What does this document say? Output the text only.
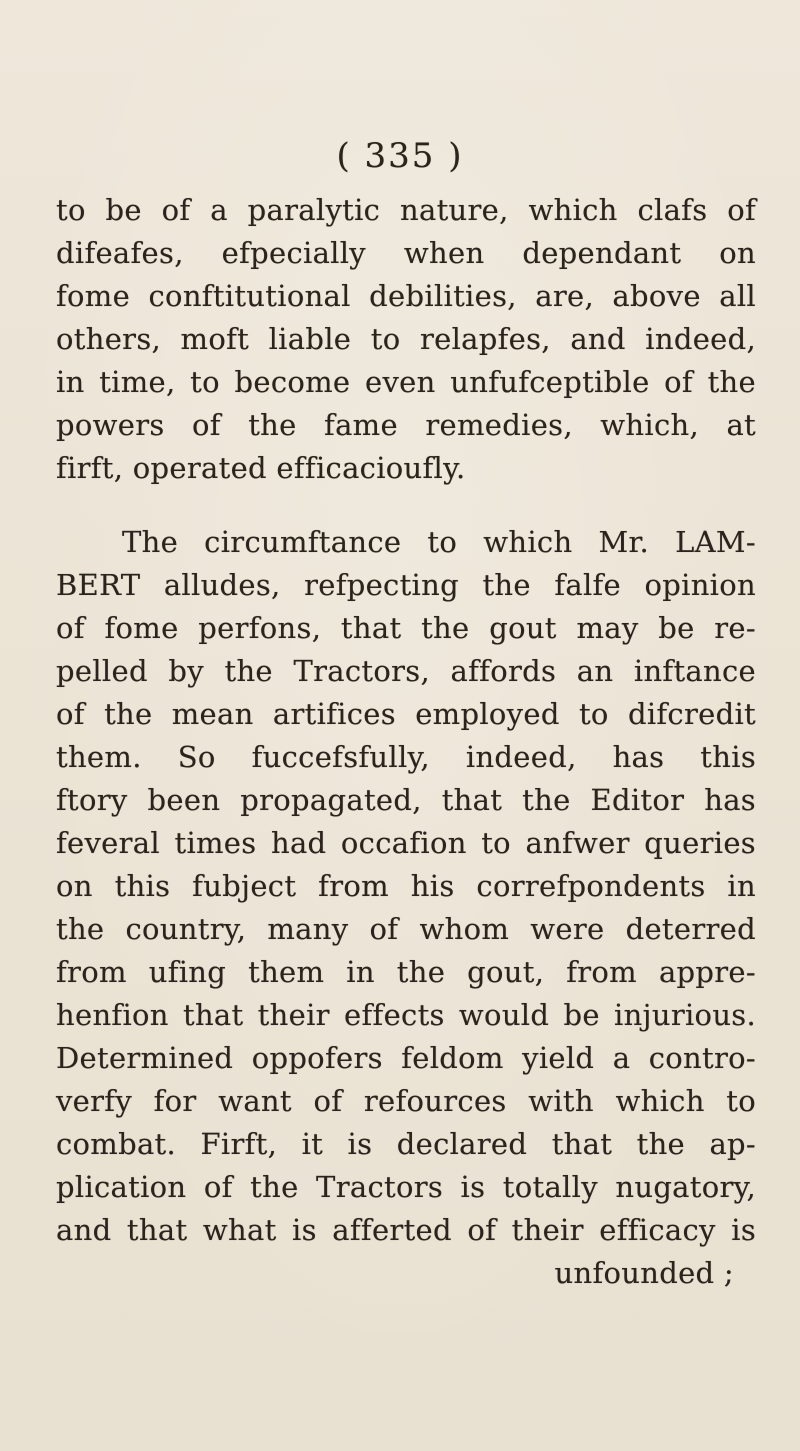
( 335 )
to be of a paralytic nature, which clafs of
difeafes, efpecially when dependant on
fome conftitutional debilities, are, above all
others, moft liable to relapfes, and indeed,
in time, to become even unfufceptible of the
powers of the fame remedies, which, at
firft, operated efficacioufly.
The circumftance to which Mr. LAM-
BERT alludes, refpecting the falfe opinion
of fome perfons, that the gout may be re-
pelled by the Tractors, affords an inftance
of the mean artifices employed to difcredit
them. So fuccefsfully, indeed, has this
ftory been propagated, that the Editor has
feveral times had occafion to anfwer queries
on this fubject from his correfpondents in
the country, many of whom were deterred
from ufing them in the gout, from appre-
henfion that their effects would be injurious.
Determined oppofers feldom yield a contro-
verfy for want of refources with which to
combat. Firft, it is declared that the ap-
plication of the Tractors is totally nugatory,
and that what is afferted of their efficacy is
unfounded ;
